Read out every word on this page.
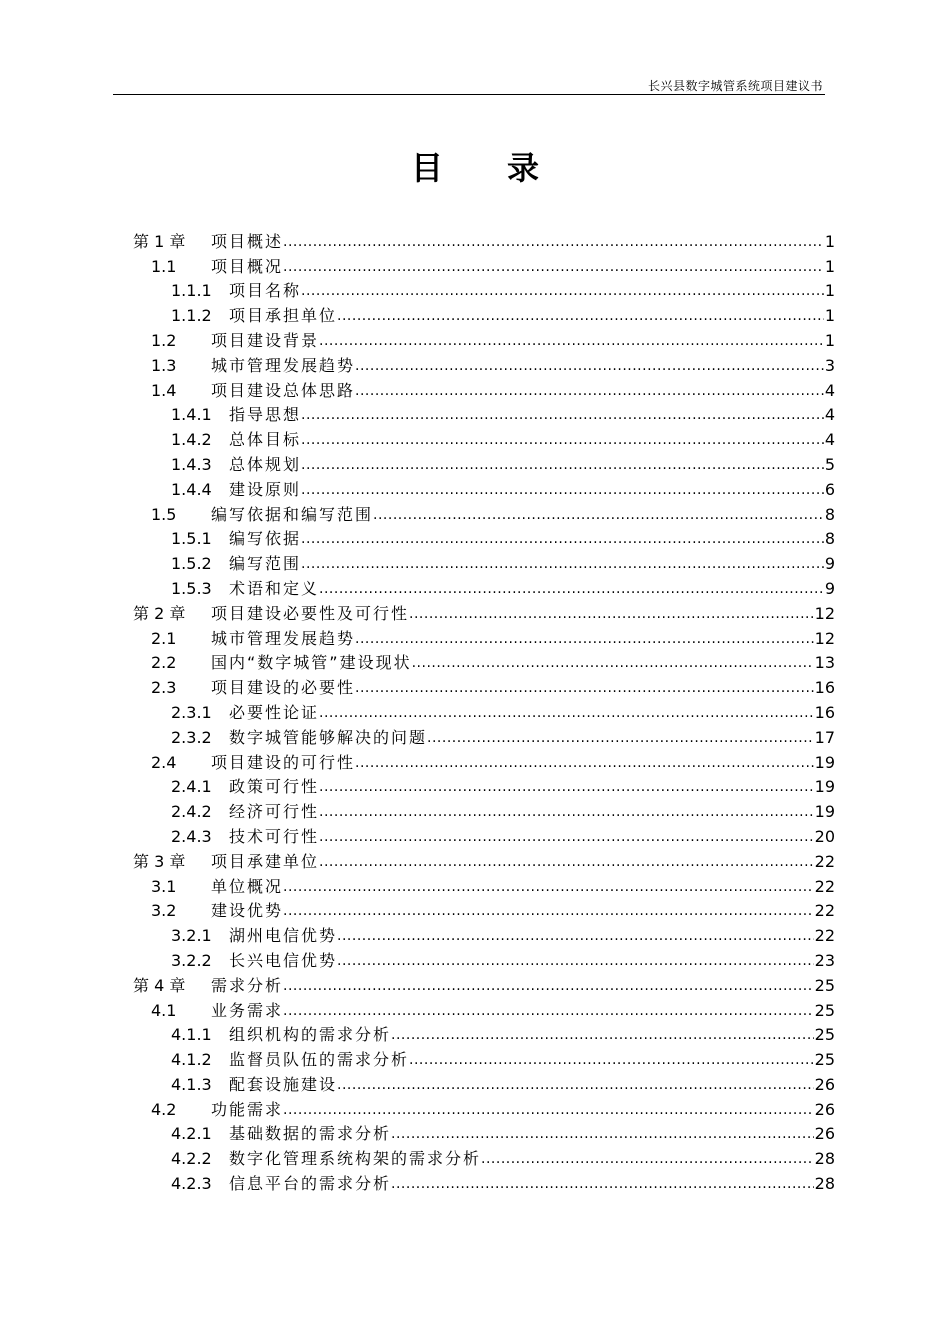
长兴县数字城管系统项目建议书
目录
第 1 章	项目概述 .....	1
1.1	项目概况 .....	1
1.1.1	项目名称 .....	1
1.1.2	项目承担单位 .....	1
1.2	项目建设背景 .....	1
1.3	城市管理发展趋势 .....	3
1.4	项目建设总体思路 .....	4
1.4.1	指导思想 .....	4
1.4.2	总体目标 .....	4
1.4.3	总体规划 .....	5
1.4.4	建设原则 .....	6
1.5	编写依据和编写范围 .....	8
1.5.1	编写依据 .....	8
1.5.2	编写范围 .....	9
1.5.3	术语和定义 .....	9
第 2 章	项目建设必要性及可行性 .....	12
2.1	城市管理发展趋势 .....	12
2.2	国内“数字城管”建设现状 .....	13
2.3	项目建设的必要性 .....	16
2.3.1	必要性论证 .....	16
2.3.2	数字城管能够解决的问题 .....	17
2.4	项目建设的可行性 .....	19
2.4.1	政策可行性 .....	19
2.4.2	经济可行性 .....	19
2.4.3	技术可行性 .....	20
第 3 章	项目承建单位 .....	22
3.1	单位概况 .....	22
3.2	建设优势 .....	22
3.2.1	湖州电信优势 .....	22
3.2.2	长兴电信优势 .....	23
第 4 章	需求分析 .....	25
4.1	业务需求 .....	25
4.1.1	组织机构的需求分析 .....	25
4.1.2	监督员队伍的需求分析 .....	25
4.1.3	配套设施建设 .....	26
4.2	功能需求 .....	26
4.2.1	基础数据的需求分析 .....	26
4.2.2	数字化管理系统构架的需求分析 .....	28
4.2.3	信息平台的需求分析 .....	28
